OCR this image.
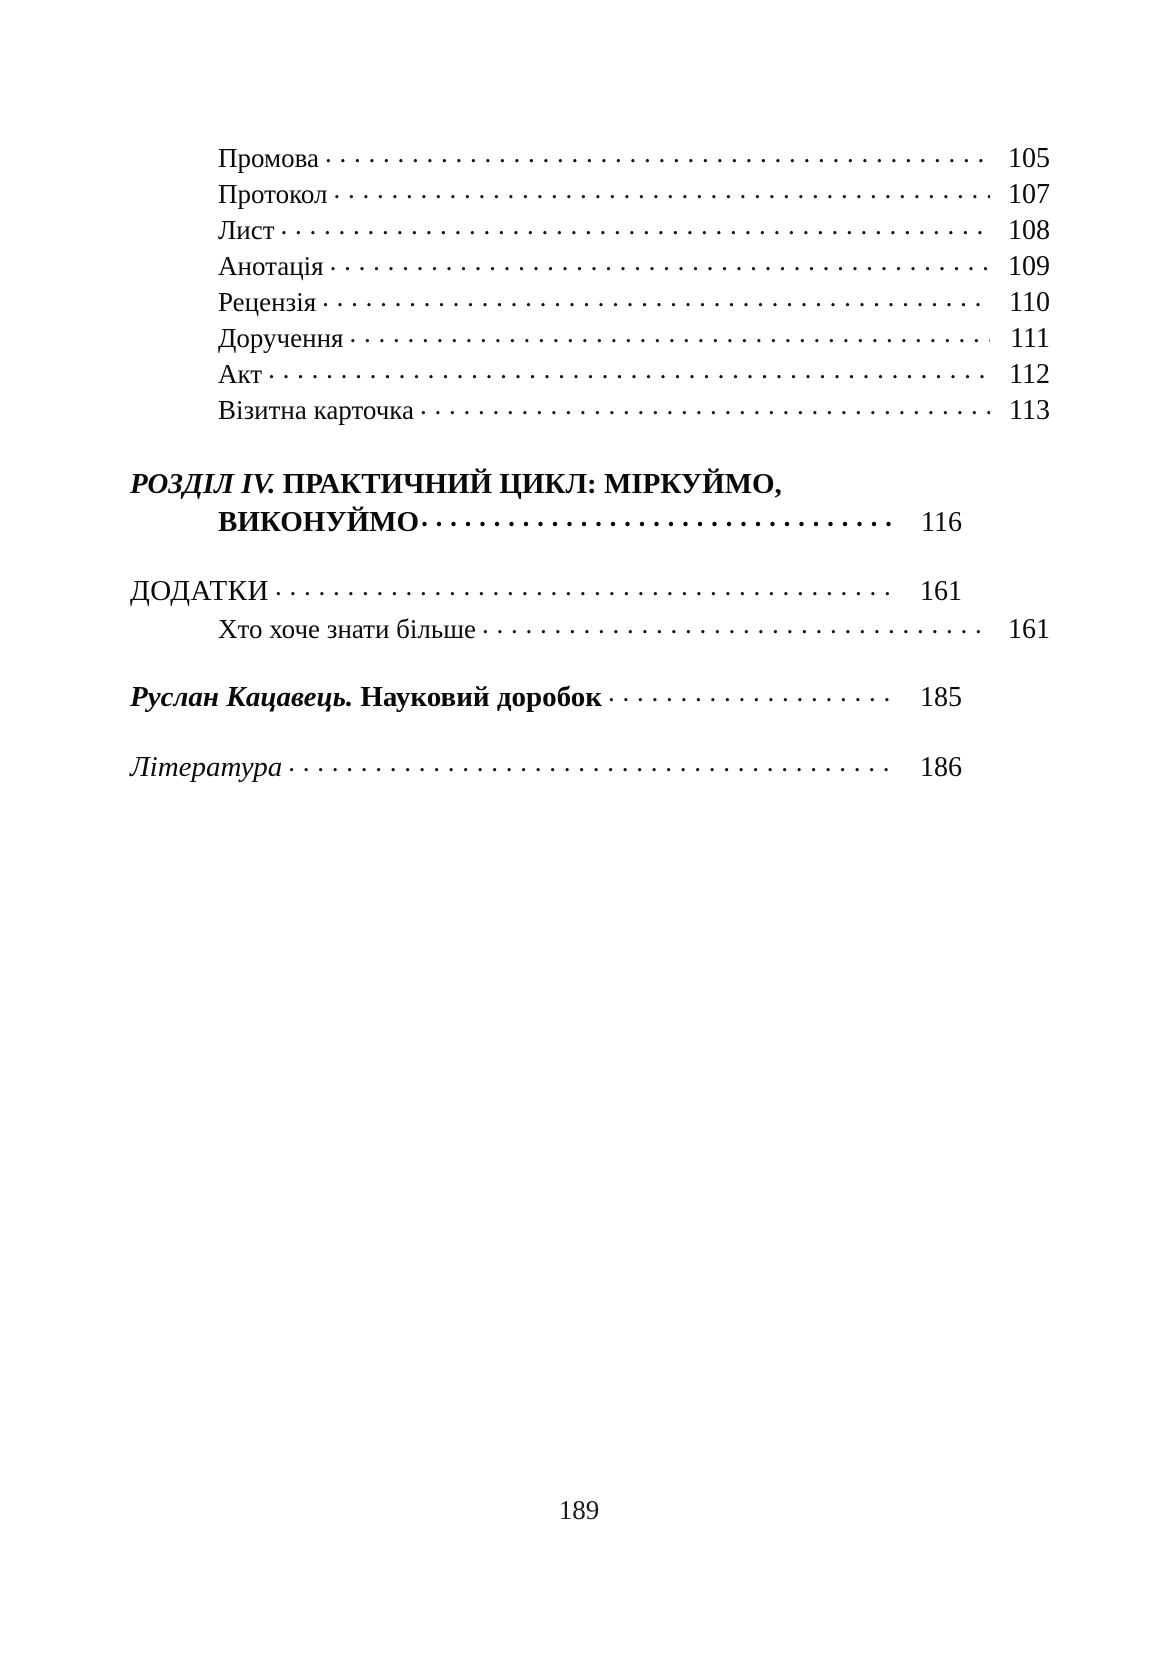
Промова . . .	105
Протокол . . .	107
Лист . . .	108
Анотація . . .	109
Рецензія . . .	110
Доручення . . .	111
Акт . . .	112
Візитна карточка . . .	113
РОЗДІЛ IV. ПРАКТИЧНИЙ ЦИКЛ: МІРКУЙМО,
ВИКОНУЙМО . . .	116
ДОДАТКИ . . .	161
Хто хоче знати більше . . .	161
Руслан Кацавець. Науковий доробок . . .	185
Література . . .	186
189
